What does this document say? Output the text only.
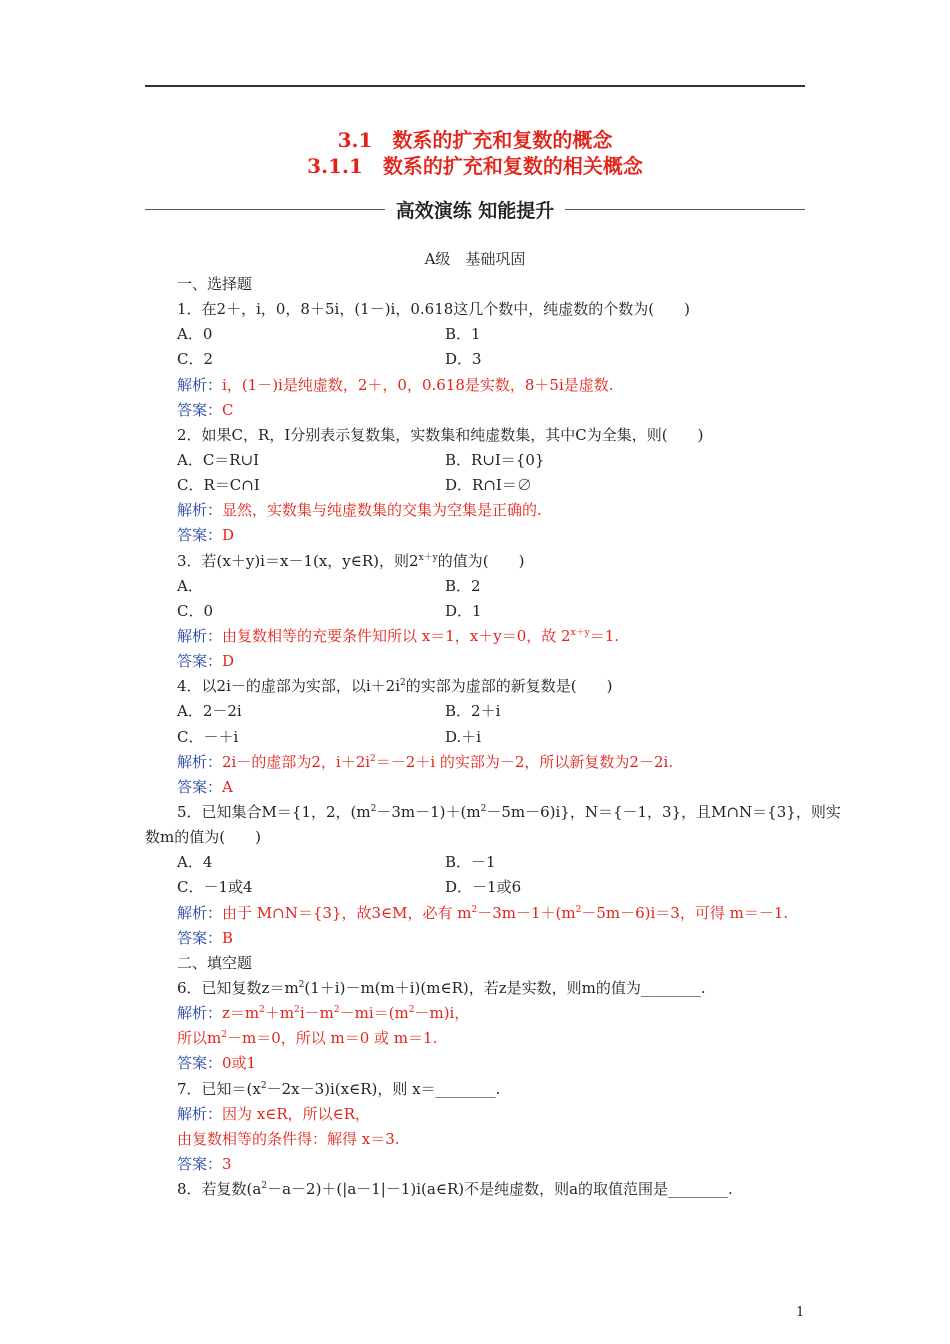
3.1　数系的扩充和复数的概念
3.1.1　数系的扩充和复数的相关概念
高效演练 知能提升
A级　基础巩固
一、选择题
1．在2＋，i，0，8＋5i，(1－)i，0.618这几个数中，纯虚数的个数为(　　)
A．0	B．1
C．2	D．3
解析：i，(1－)i是纯虚数，2＋，0，0.618是实数，8＋5i是虚数.
答案：C
2．如果C，R，I分别表示复数集，实数集和纯虚数集，其中C为全集，则(　　)
A．C＝R∪I	B．R∪I＝{0}
C．R＝C∩I	D．R∩I＝∅
解析：显然，实数集与纯虚数集的交集为空集是正确的.
答案：D
3．若(x＋y)i＝x－1(x，y∈R)，则$2^{x+y}$的值为(　　)
A．	B．2
C．0	D．1
解析：由复数相等的充要条件知所以 x＝1，x＋y＝0，故 $2^{x+y}=1$.
答案：D
4．以2i－的虚部为实部，以$i+2i^2$的实部为虚部的新复数是(　　)
A．2－2i	B．2＋i
C．－＋i	D.＋i
解析：2i－的虚部为2，$i+2i^2=-2+i$ 的实部为－2，所以新复数为2－2i.
答案：A
5．已知集合M＝{1，2，$(m^2-3m-1)+(m^2-5m-6)i$}，N＝{－1，3}，且M∩N＝{3}，则实
数m的值为(　　)
A．4	B．－1
C．－1或4	D．－1或6
解析：由于 M∩N＝{3}，故3∈M，必有 $m^2-3m-1+(m^2-5m-6)i=3$，可得 m＝－1.
答案：B
二、填空题
6．已知复数$z=m^2(1+i)-m(m+i)(m\in R)$，若z是实数，则m的值为________.
解析：$z=m^2+m^2i-m^2-mi=(m^2-m)i$，
所以$m^2-m=0$，所以 m＝0 或 m＝1.
答案：0或1
7．已知$=(x^2-2x-3)i(x\in R)$，则 x＝________.
解析：因为 x∈R，所以∈R，
由复数相等的条件得：解得 x＝3.
答案：3
8．若复数$(a^2-a-2)+(|a-1|-1)i(a\in R)$不是纯虚数，则a的取值范围是________.
1
